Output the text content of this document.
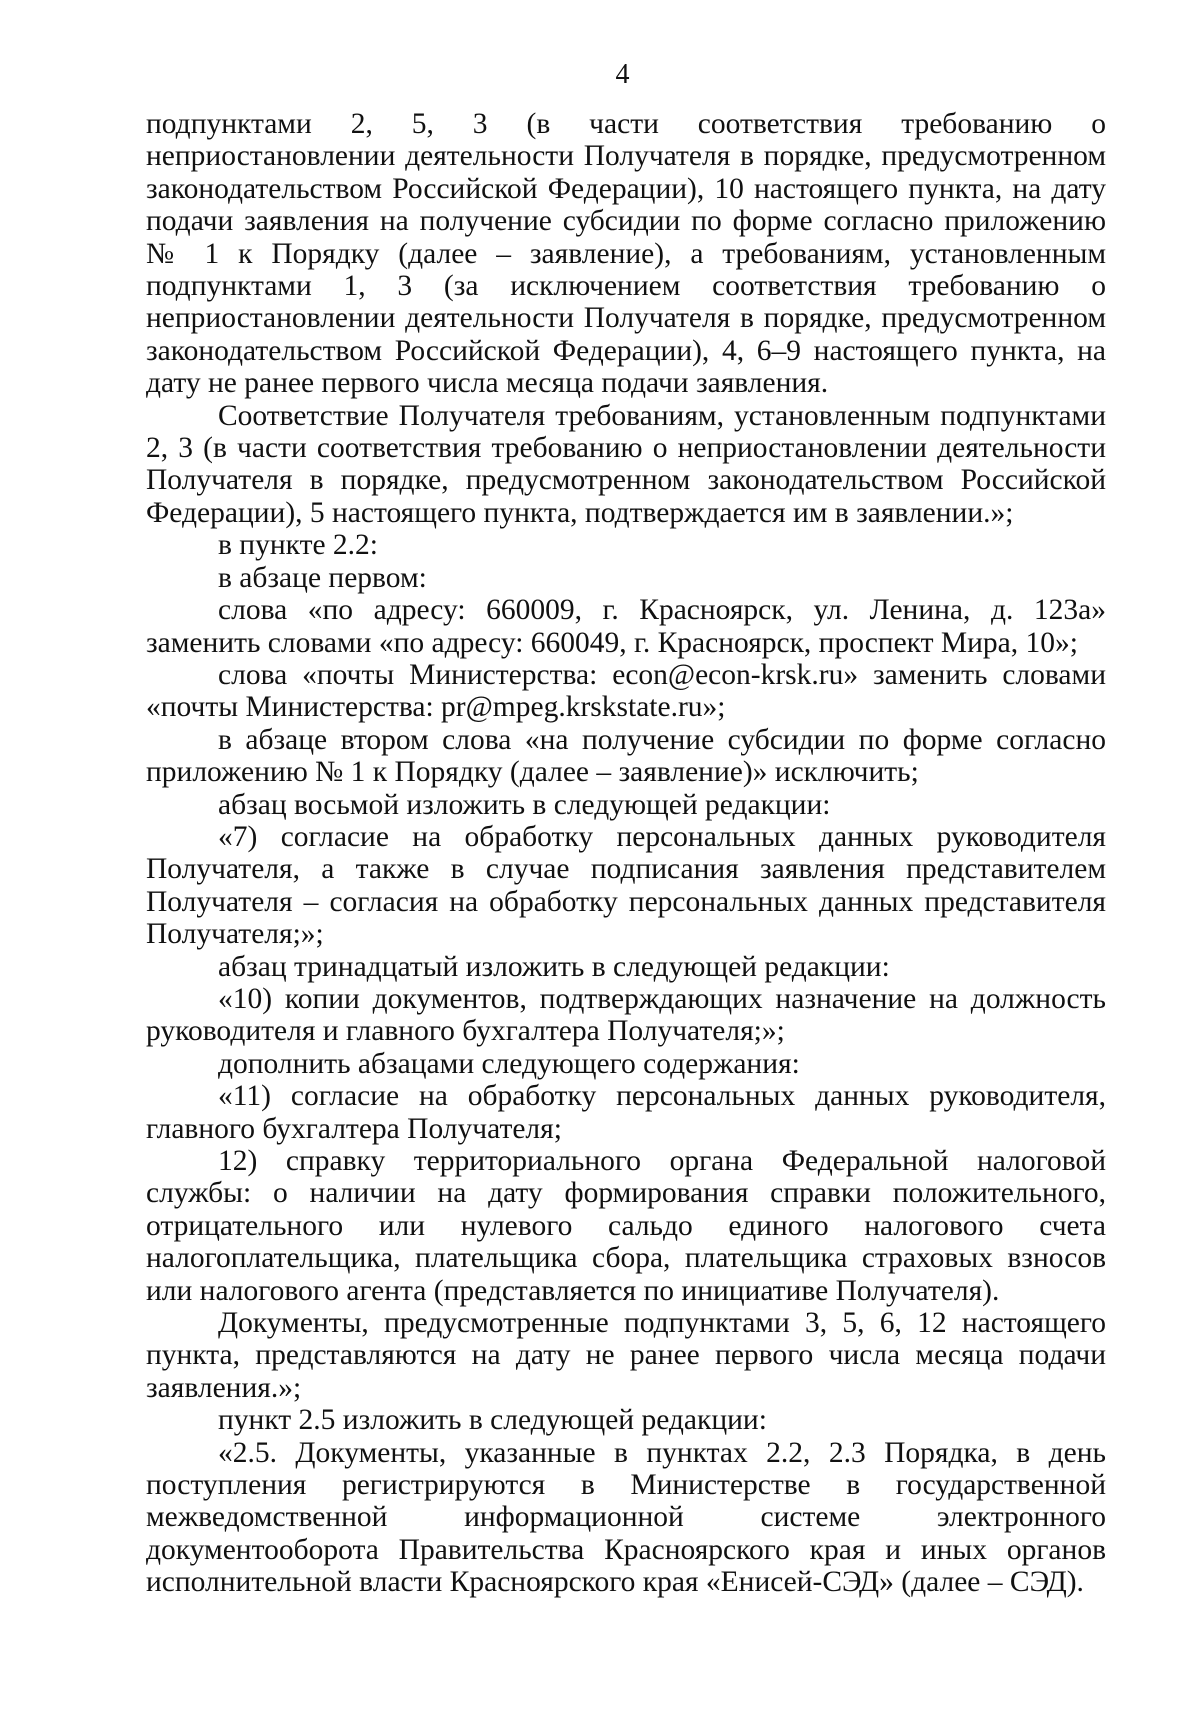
4

подпунктами 2, 5, 3 (в части соответствия требованию о неприостановлении деятельности Получателя в порядке, предусмотренном законодательством Российской Федерации), 10 настоящего пункта, на дату подачи заявления на получение субсидии по форме согласно приложению № 1 к Порядку (далее – заявление), а требованиям, установленным подпунктами 1, 3 (за исключением соответствия требованию о неприостановлении деятельности Получателя в порядке, предусмотренном законодательством Российской Федерации), 4, 6–9 настоящего пункта, на дату не ранее первого числа месяца подачи заявления.

Соответствие Получателя требованиям, установленным подпунктами 2, 3 (в части соответствия требованию о неприостановлении деятельности Получателя в порядке, предусмотренном законодательством Российской Федерации), 5 настоящего пункта, подтверждается им в заявлении.»;

в пункте 2.2:

в абзаце первом:

слова «по адресу: 660009, г. Красноярск, ул. Ленина, д. 123а» заменить словами «по адресу: 660049, г. Красноярск, проспект Мира, 10»;

слова «почты Министерства: econ@econ-krsk.ru» заменить словами «почты Министерства: pr@mpeg.krskstate.ru»;

в абзаце втором слова «на получение субсидии по форме согласно приложению № 1 к Порядку (далее – заявление)» исключить;

абзац восьмой изложить в следующей редакции:

«7) согласие на обработку персональных данных руководителя Получателя, а также в случае подписания заявления представителем Получателя – согласия на обработку персональных данных представителя Получателя;»;

абзац тринадцатый изложить в следующей редакции:

«10) копии документов, подтверждающих назначение на должность руководителя и главного бухгалтера Получателя;»;

дополнить абзацами следующего содержания:

«11) согласие на обработку персональных данных руководителя, главного бухгалтера Получателя;

12) справку территориального органа Федеральной налоговой службы: о наличии на дату формирования справки положительного, отрицательного или нулевого сальдо единого налогового счета налогоплательщика, плательщика сбора, плательщика страховых взносов или налогового агента (представляется по инициативе Получателя).

Документы, предусмотренные подпунктами 3, 5, 6, 12 настоящего пункта, представляются на дату не ранее первого числа месяца подачи заявления.»;

пункт 2.5 изложить в следующей редакции:

«2.5. Документы, указанные в пунктах 2.2, 2.3 Порядка, в день поступления регистрируются в Министерстве в государственной межведомственной информационной системе электронного документооборота Правительства Красноярского края и иных органов исполнительной власти Красноярского края «Енисей-СЭД» (далее – СЭД).
